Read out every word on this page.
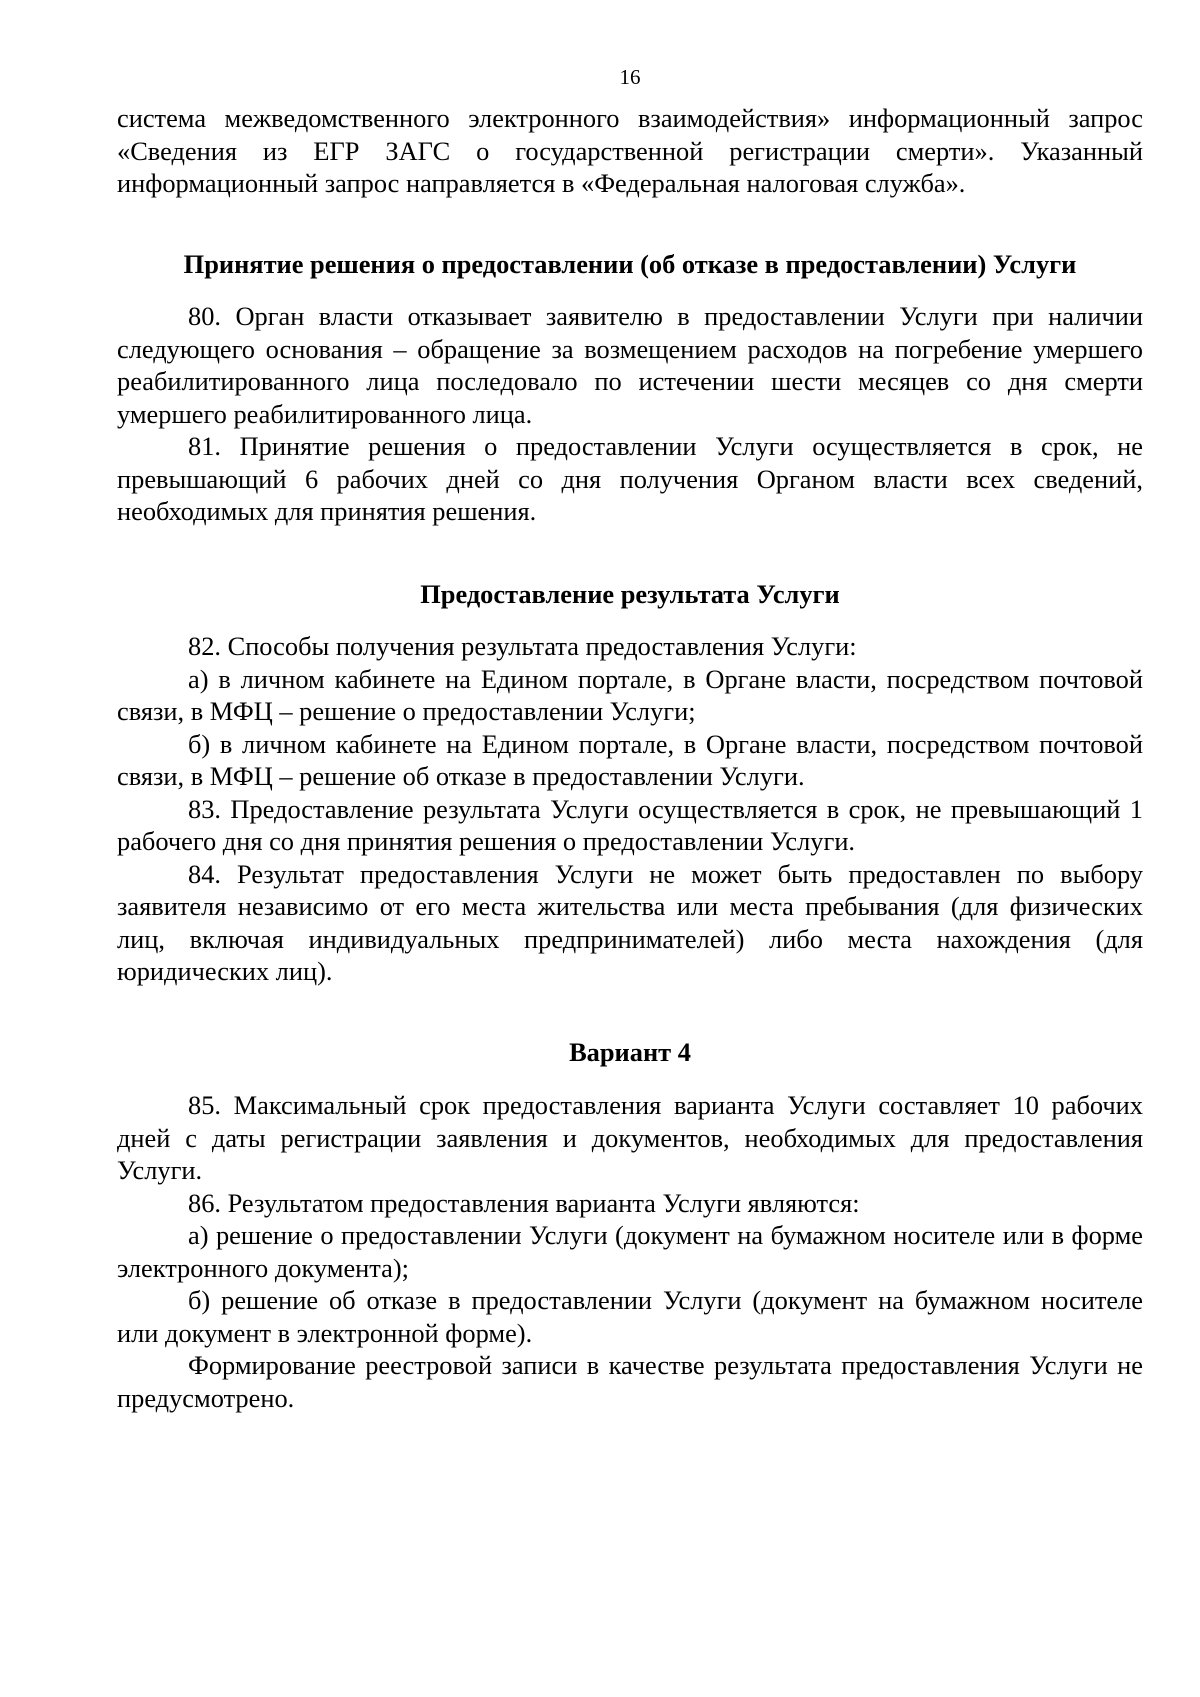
16

система межведомственного электронного взаимодействия» информационный запрос «Сведения из ЕГР ЗАГС о государственной регистрации смерти». Указанный информационный запрос направляется в «Федеральная налоговая служба».

Принятие решения о предоставлении (об отказе в предоставлении) Услуги

80. Орган власти отказывает заявителю в предоставлении Услуги при наличии следующего основания – обращение за возмещением расходов на погребение умершего реабилитированного лица последовало по истечении шести месяцев со дня смерти умершего реабилитированного лица.

81. Принятие решения о предоставлении Услуги осуществляется в срок, не превышающий 6 рабочих дней со дня получения Органом власти всех сведений, необходимых для принятия решения.

Предоставление результата Услуги

82. Способы получения результата предоставления Услуги:

а) в личном кабинете на Едином портале, в Органе власти, посредством почтовой связи, в МФЦ – решение о предоставлении Услуги;

б) в личном кабинете на Едином портале, в Органе власти, посредством почтовой связи, в МФЦ – решение об отказе в предоставлении Услуги.

83. Предоставление результата Услуги осуществляется в срок, не превышающий 1 рабочего дня со дня принятия решения о предоставлении Услуги.

84. Результат предоставления Услуги не может быть предоставлен по выбору заявителя независимо от его места жительства или места пребывания (для физических лиц, включая индивидуальных предпринимателей) либо места нахождения (для юридических лиц).

Вариант 4

85. Максимальный срок предоставления варианта Услуги составляет 10 рабочих дней с даты регистрации заявления и документов, необходимых для предоставления Услуги.

86. Результатом предоставления варианта Услуги являются:

а) решение о предоставлении Услуги (документ на бумажном носителе или в форме электронного документа);

б) решение об отказе в предоставлении Услуги (документ на бумажном носителе или документ в электронной форме).

Формирование реестровой записи в качестве результата предоставления Услуги не предусмотрено.
